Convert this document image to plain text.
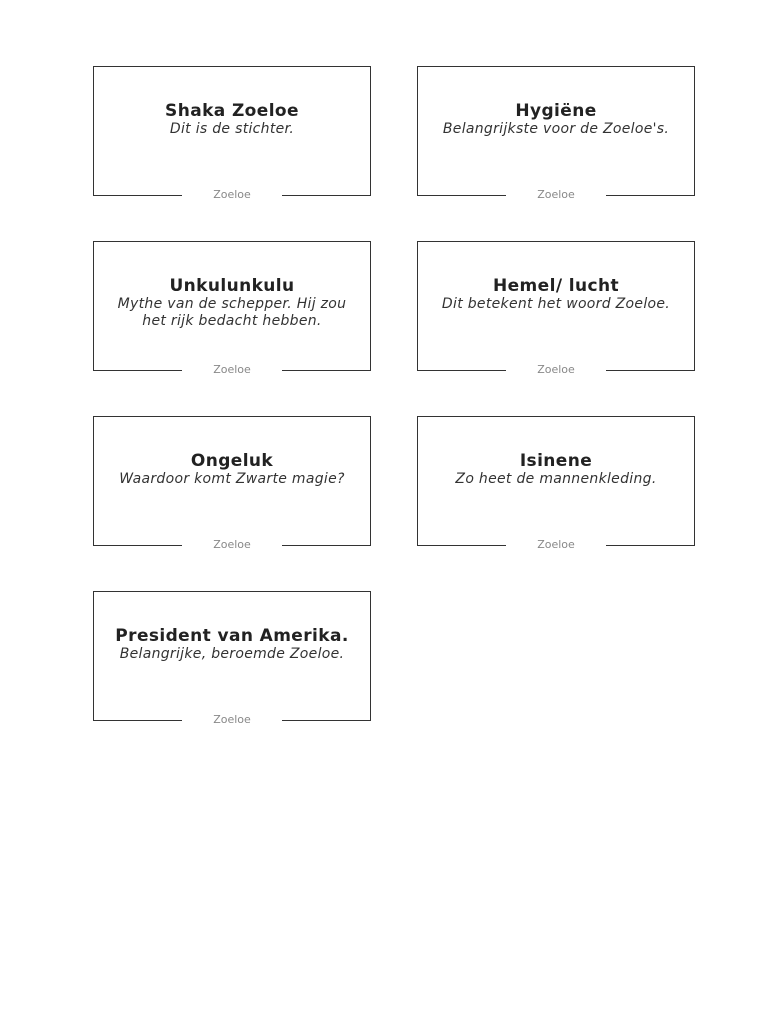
Shaka Zoeloe
Dit is de stichter.
Zoeloe
Hygiëne
Belangrijkste voor de Zoeloe's.
Zoeloe
Unkulunkulu
Mythe van de schepper. Hij zou het rijk bedacht hebben.
Zoeloe
Hemel/ lucht
Dit betekent het woord Zoeloe.
Zoeloe
Ongeluk
Waardoor komt Zwarte magie?
Zoeloe
Isinene
Zo heet de mannenkleding.
Zoeloe
President van Amerika.
Belangrijke, beroemde Zoeloe.
Zoeloe
